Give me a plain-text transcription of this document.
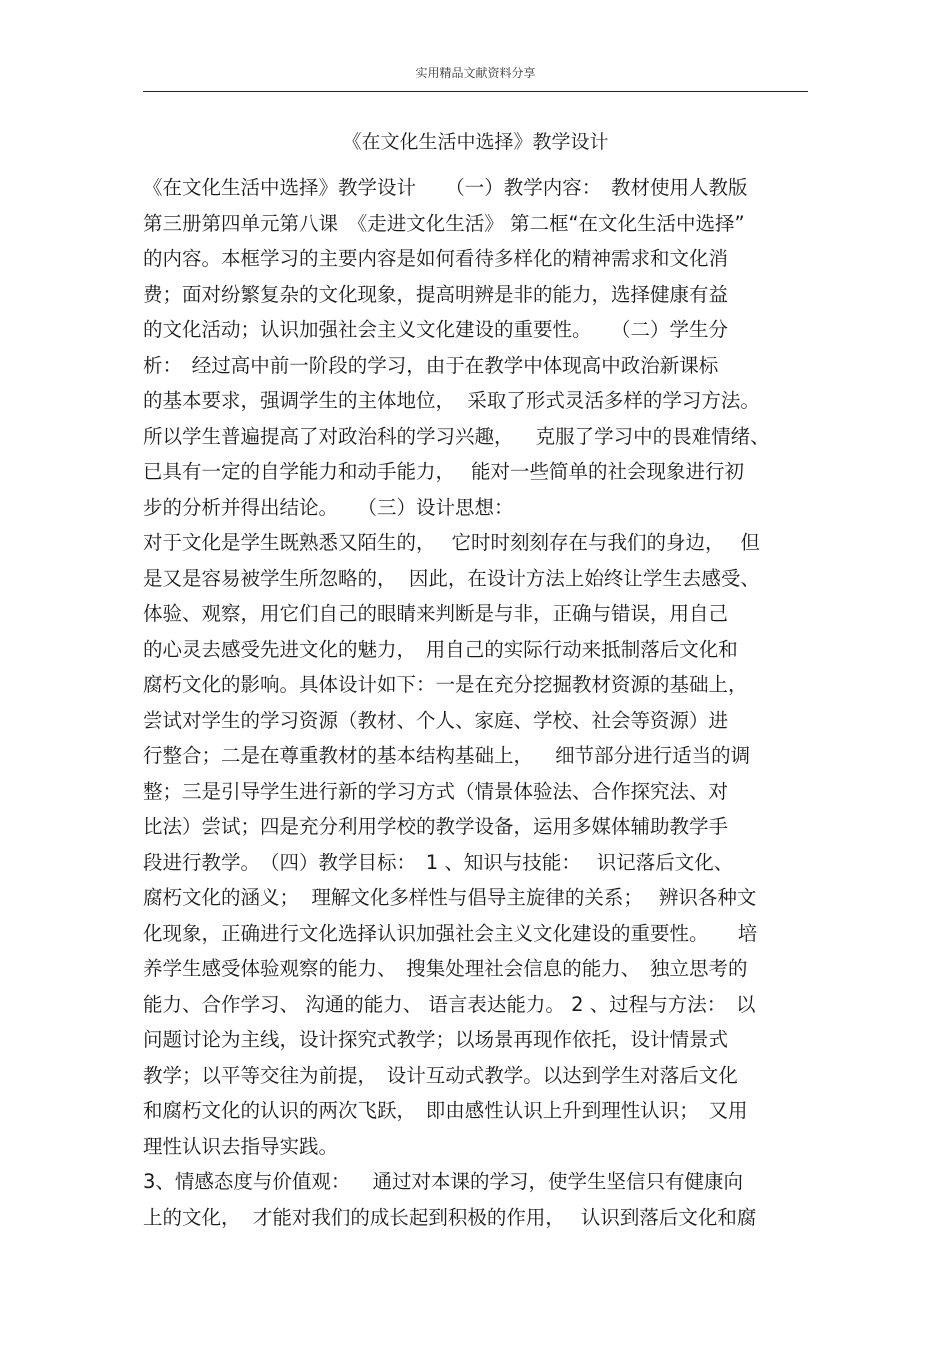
实用精品文献资料分享
《在文化生活中选择》教学设计
《在文化生活中选择》教学设计　　（一）教学内容：　教材使用人教版
第三册第四单元第八课　《走进文化生活》 第二框“在文化生活中选择”
的内容。本框学习的主要内容是如何看待多样化的精神需求和文化消
费；面对纷繁复杂的文化现象，提高明辨是非的能力，选择健康有益
的文化活动；认识加强社会主义文化建设的重要性。　　（二）学生分
析：　经过高中前一阶段的学习，由于在教学中体现高中政治新课标
的基本要求，强调学生的主体地位，  采取了形式灵活多样的学习方法。
所以学生普遍提高了对政治科的学习兴趣，　  克服了学习中的畏难情绪、
已具有一定的自学能力和动手能力，　 能对一些简单的社会现象进行初
步的分析并得出结论。　　（三）设计思想：
对于文化是学生既熟悉又陌生的，　 它时时刻刻存在与我们的身边，　 但
是又是容易被学生所忽略的，  因此，在设计方法上始终让学生去感受、
体验、观察，用它们自己的眼睛来判断是与非，正确与错误，用自己
的心灵去感受先进文化的魅力，　用自己的实际行动来抵制落后文化和
腐朽文化的影响。具体设计如下：一是在充分挖掘教材资源的基础上，
尝试对学生的学习资源（教材、个人、家庭、学校、社会等资源）进
行整合；二是在尊重教材的基本结构基础上，　  细节部分进行适当的调
整；三是引导学生进行新的学习方式（情景体验法、合作探究法、对
比法）尝试；四是充分利用学校的教学设备，运用多媒体辅助教学手
段进行教学。　（四）教学目标：　1 、知识与技能：　 识记落后文化、
腐朽文化的涵义；  理解文化多样性与倡导主旋律的关系；　 辨识各种文
化现象，正确进行文化选择认识加强社会主义文化建设的重要性。　　培
养学生感受体验观察的能力、　搜集处理社会信息的能力、　独立思考的
能力、合作学习、 沟通的能力、 语言表达能力。 2 、过程与方法：　以
问题讨论为主线，设计探究式教学；以场景再现作依托，设计情景式
教学；以平等交往为前提，　设计互动式教学。以达到学生对落后文化
和腐朽文化的认识的两次飞跃，　即由感性认识上升到理性认识；　又用
理性认识去指导实践。
3、情感态度与价值观：　  通过对本课的学习，使学生坚信只有健康向
上的文化，  才能对我们的成长起到积极的作用，　 认识到落后文化和腐
